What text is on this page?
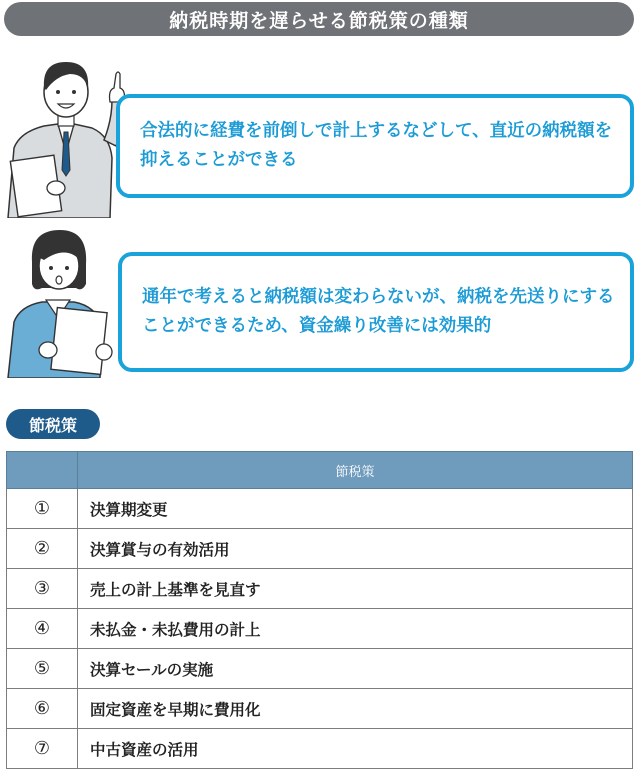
納税時期を遅らせる節税策の種類
合法的に経費を前倒しで計上するなどして、直近の納税額を抑えることができる
通年で考えると納税額は変わらないが、納税を先送りにすることができるため、資金繰り改善には効果的
節税策
	節税策
①	決算期変更
②	決算賞与の有効活用
③	売上の計上基準を見直す
④	未払金・未払費用の計上
⑤	決算セールの実施
⑥	固定資産を早期に費用化
⑦	中古資産の活用
